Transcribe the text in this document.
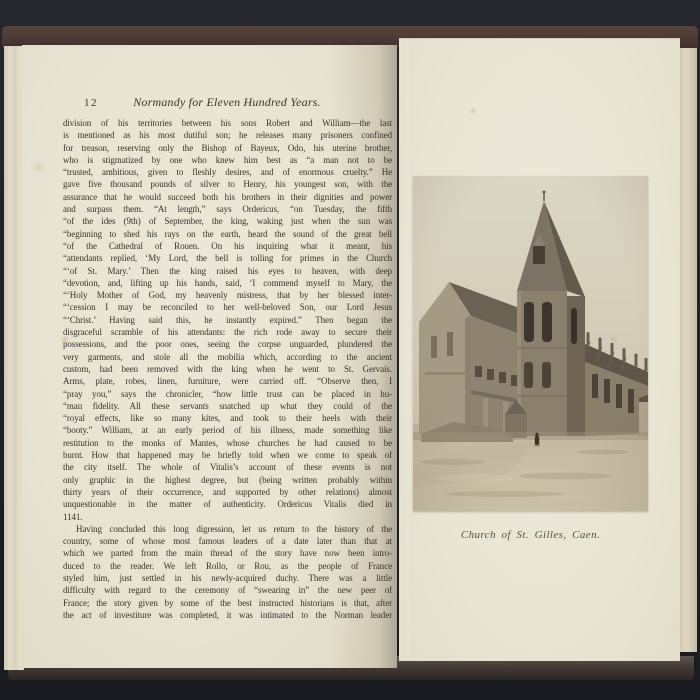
12	Normandy for Eleven Hundred Years.
division of his territories between his sons Robert and William—the last
is mentioned as his most dutiful son; he releases many prisoners confined
for treason, reserving only the Bishop of Bayeux, Odo, his uterine brother,
who is stigmatized by one who knew him best as “a man not to be
“trusted, ambitious, given to fleshly desires, and of enormous cruelty.” He
gave five thousand pounds of silver to Henry, his youngest son, with the
assurance that he would succeed both his brothers in their dignities and power
and surpass them. “At length,” says Ordericus, “on Tuesday, the fifth
“of the ides (9th) of September, the king, waking just when the sun was
“beginning to shed his rays on the earth, heard the sound of the great bell
“of the Cathedral of Rouen. On his inquiring what it meant, his
“attendants replied, ‘My Lord, the bell is tolling for primes in the Church
“‘of St. Mary.’ Then the king raised his eyes to heaven, with deep
“devotion, and, lifting up his hands, said, ‘I commend myself to Mary, the
“‘Holy Mother of God, my heavenly mistress, that by her blessed inter-
“‘cession I may be reconciled to her well-beloved Son, our Lord Jesus
“‘Christ.’ Having said this, he instantly expired.” Then began the
disgraceful scramble of his attendants: the rich rode away to secure their
possessions, and the poor ones, seeing the corpse unguarded, plundered the
very garments, and stole all the mobilia which, according to the ancient
custom, had been removed with the king when he went to St. Gervais.
Arms, plate, robes, linen, furniture, were carried off. “Observe then, I
“pray you,” says the chronicler, “how little trust can be placed in hu-
“man fidelity. All these servants snatched up what they could of the
“royal effects, like so many kites, and took to their heels with their
“booty.” William, at an early period of his illness, made something like
restitution to the monks of Mantes, whose churches he had caused to be
burnt. How that happened may be briefly told when we come to speak of
the city itself. The whole of Vitalis’s account of these events is not
only graphic in the highest degree, but (being written probably within
thirty years of their occurrence, and supported by other relations) almost
unquestionable in the matter of authenticity. Ordericus Vitalis died in
1141.
Having concluded this long digression, let us return to the history of the
country, some of whose most famous leaders of a date later than that at
which we parted from the main thread of the story have now been intro-
duced to the reader. We left Rollo, or Rou, as the people of France
styled him, just settled in his newly-acquired duchy. There was a little
difficulty with regard to the ceremony of “swearing in” the new peer of
France; the story given by some of the best instructed historians is that, after
the act of investiture was completed, it was intimated to the Norman leader
Church of St. Gilles, Caen.
